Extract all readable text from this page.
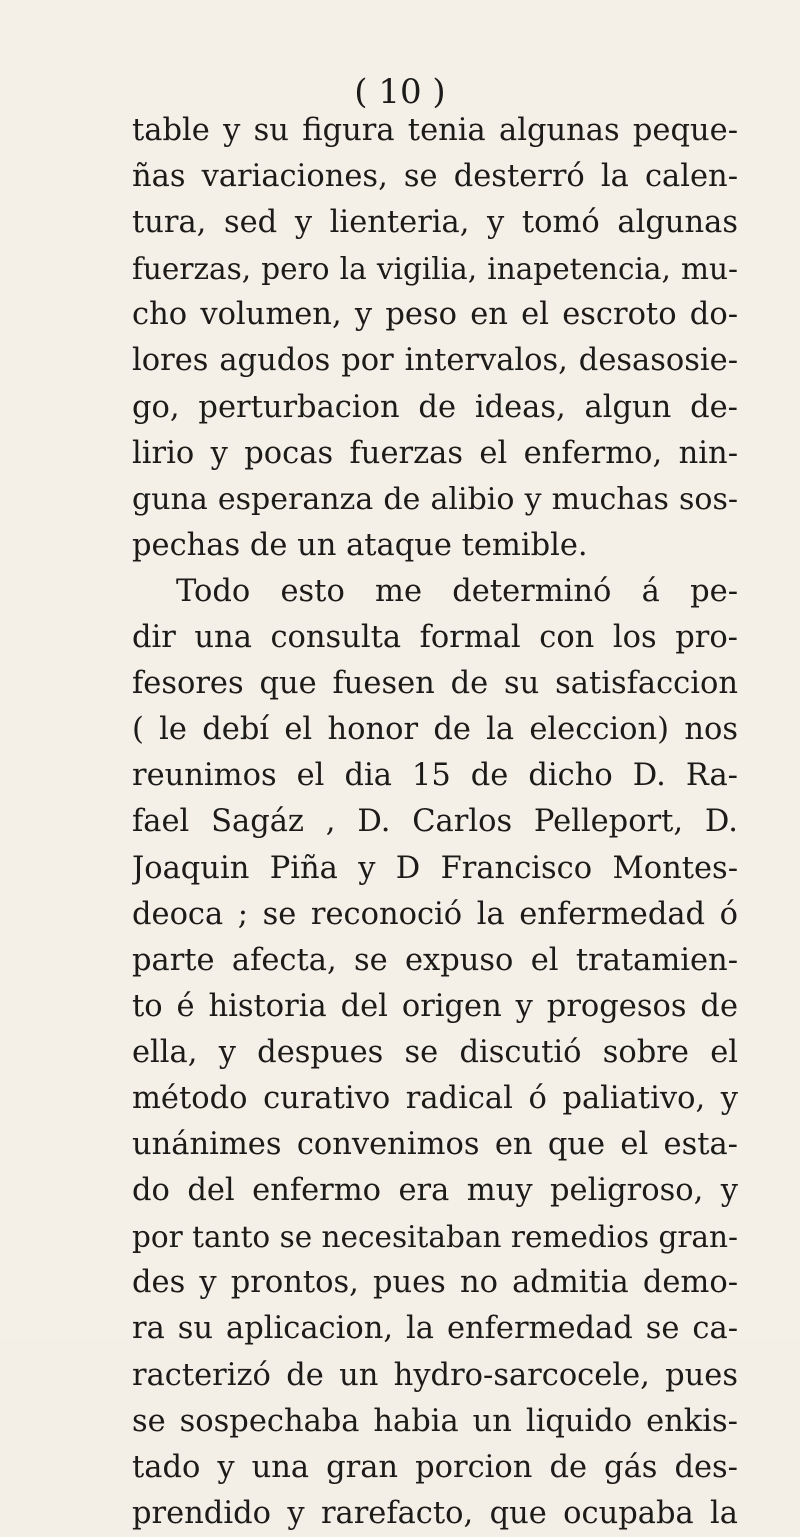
( 10 )
table y su figura tenia algunas peque-
ñas variaciones, se desterró la calen-
tura, sed y lienteria, y tomó algunas
fuerzas, pero la vigilia, inapetencia, mu-
cho volumen, y peso en el escroto do-
lores agudos por intervalos, desasosie-
go, perturbacion de ideas, algun de-
lirio y pocas fuerzas el enfermo, nin-
guna esperanza de alibio y muchas sos-
pechas de un ataque temible.
Todo esto me determinó á pe-
dir una consulta formal con los pro-
fesores que fuesen de su satisfaccion
( le debí el honor de la eleccion) nos
reunimos el dia 15 de dicho D. Ra-
fael Sagáz , D. Carlos Pelleport, D.
Joaquin Piña y D Francisco Montes-
deoca ; se reconoció la enfermedad ó
parte afecta, se expuso el tratamien-
to é historia del origen y progesos de
ella, y despues se discutió sobre el
método curativo radical ó paliativo, y
unánimes convenimos en que el esta-
do del enfermo era muy peligroso, y
por tanto se necesitaban remedios gran-
des y prontos, pues no admitia demo-
ra su aplicacion, la enfermedad se ca-
racterizó de un hydro-sarcocele, pues
se sospechaba habia un liquido enkis-
tado y una gran porcion de gás des-
prendido y rarefacto, que ocupaba la
